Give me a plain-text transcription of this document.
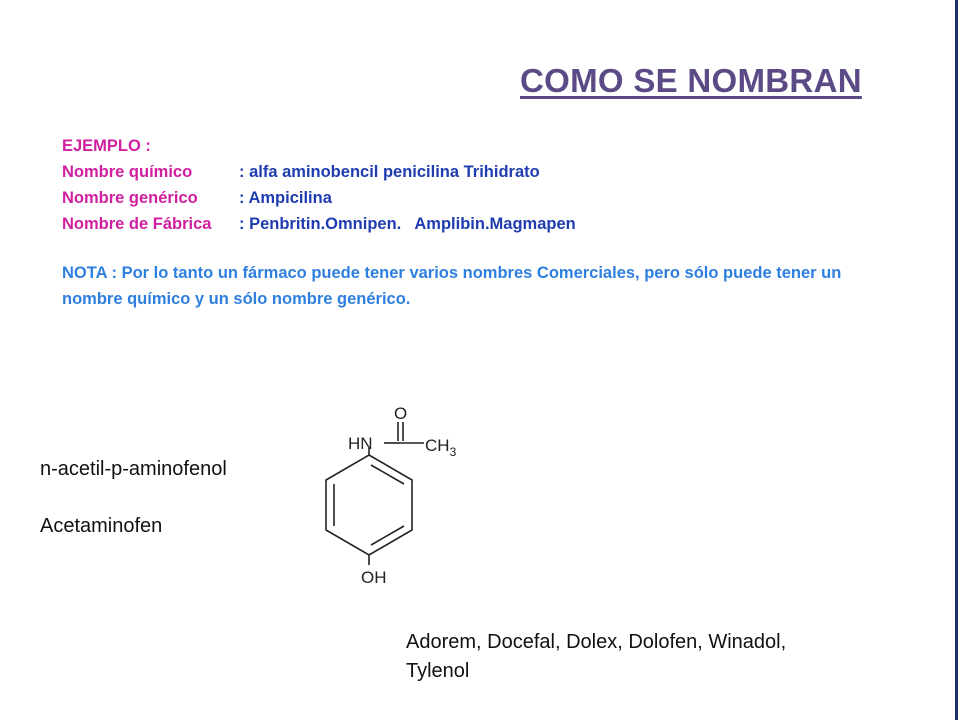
COMO SE NOMBRAN
EJEMPLO :
Nombre químico	: alfa aminobencil penicilina Trihidrato
Nombre genérico	: Ampicilina
Nombre de Fábrica : Penbritin.Omnipen.   Amplibin.Magmapen
NOTA : Por lo tanto un fármaco puede tener varios nombres Comerciales, pero sólo puede tener un nombre químico y un sólo nombre genérico.
n-acetil-p-aminofenol
Acetaminofen
O
HN	$CH_3$
OH
Adorem, Docefal, Dolex, Dolofen, Winadol, Tylenol
